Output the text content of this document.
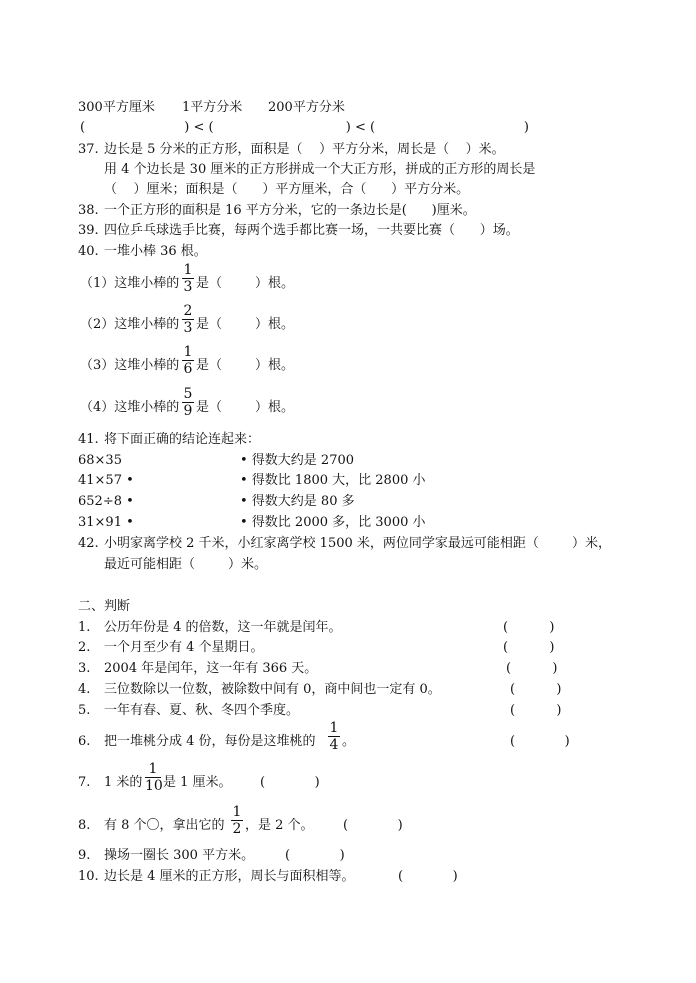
300平方厘米 1平方分米 200平方分米
(                        ) < (                                ) < (                                    )
37. 边长是 5 分米的正方形，面积是（    ）平方分米，周长是（    ）米。
用 4 个边长是 30 厘米的正方形拼成一个大正方形，拼成的正方形的周长是
（    ）厘米；面积是（      ）平方厘米，合（      ）平方分米。
38. 一个正方形的面积是 16 平方分米，它的一条边长是(      )厘米。
39. 四位乒乓球选手比赛，每两个选手都比赛一场，一共要比赛（      ）场。
40. 一堆小棒 36 根。
（1）这堆小棒的
1
3 是（        ）根。
（2）这堆小棒的
2
3 是（        ）根。
（3）这堆小棒的
1
6 是（        ）根。
（4）这堆小棒的
5
9 是（        ）根。
41. 将下面正确的结论连起来：
68×35	• 得数大约是 2700
41×57 •	• 得数比 1800 大，比 2800 小
652÷8 •	• 得数大约是 80 多
31×91 •	• 得数比 2000 多，比 3000 小
42. 小明家离学校 2 千米，小红家离学校 1500 米，两位同学家最远可能相距（        ）米，
最近可能相距（        ）米。
二、判断
1. 公历年份是 4 的倍数，这一年就是闰年。	(          )
2. 一个月至少有 4 个星期日。	(          )
3. 2004 年是闰年，这一年有 366 天。	(          )
4. 三位数除以一位数，被除数中间有 0，商中间也一定有 0。	(          )
5. 一年有春、夏、秋、冬四个季度。	(          )
6. 把一堆桃分成 4 份，每份是这堆桃的
1
4 。	(            )
7. 1 米的
1
10 是 1 厘米。 (            )
8. 有 8 个〇，拿出它的
1
2 ，是 2 个。 (            )
9. 操场一圈长 300 平方米。 (            )
10. 边长是 4 厘米的正方形，周长与面积相等。	(            )
